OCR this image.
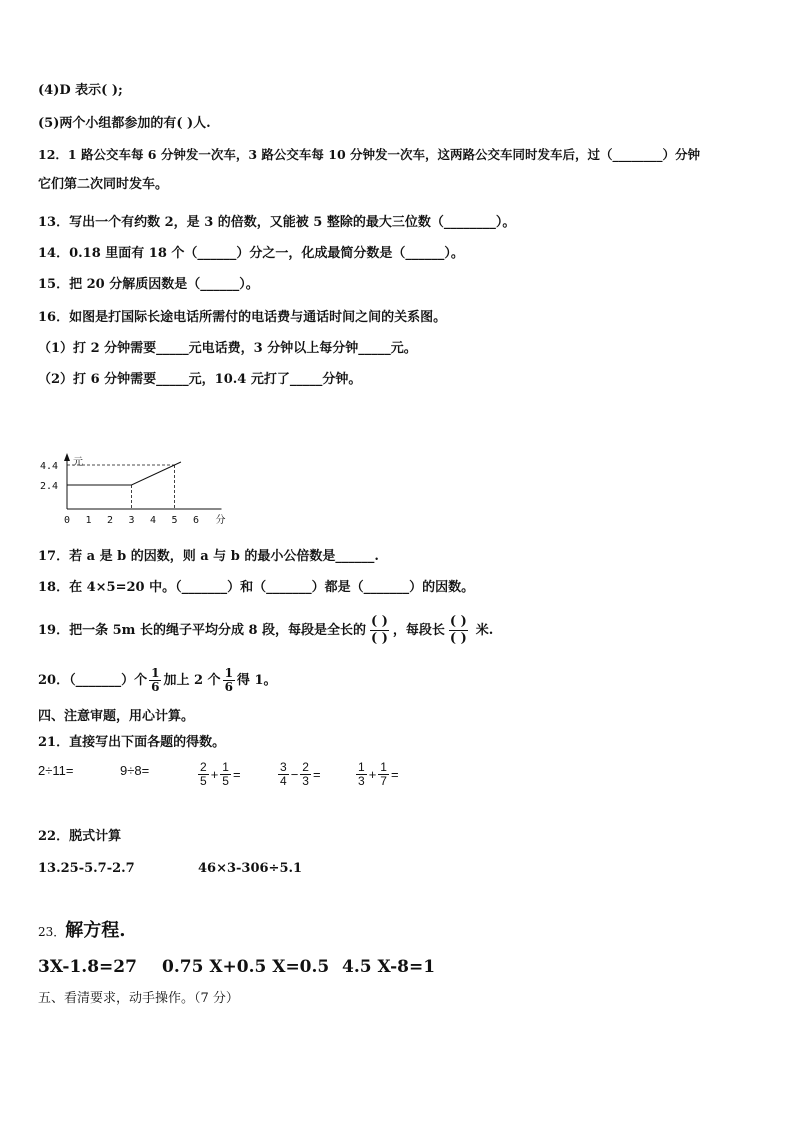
(4)D 表示( );
(5)两个小组都参加的有( )人.
12．1 路公交车每 6 分钟发一次车，3 路公交车每 10 分钟发一次车，这两路公交车同时发车后，过（________）分钟
它们第二次同时发车。
13．写出一个有约数 2，是 3 的倍数，又能被 5 整除的最大三位数（________）。
14．0.18 里面有 18 个（______）分之一，化成最简分数是（______）。
15．把 20 分解质因数是（______）。
16．如图是打国际长途电话所需付的电话费与通话时间之间的关系图。
（1）打 2 分钟需要_____元电话费，3 分钟以上每分钟_____元。
（2）打 6 分钟需要_____元，10.4 元打了_____分钟。
元
0 1 2 3 4 5 6 分
2.4
4.4
17．若 a 是 b 的因数，则 a 与 b 的最小公倍数是______.
18．在 4×5=20 中。（_______）和（_______）都是（_______）的因数。
19．把一条 5m 长的绳子平均分成 8 段，每段是全长的 $\frac{( )}{( )}$ ，每段长 $\frac{( )}{( )}$ 米.
20．（_______）个 $\frac{1}{6}$ 加上 2 个 $\frac{1}{6}$ 得 1。
四、注意审题，用心计算。
21．直接写出下面各题的得数。
2÷11=	9÷8=	$\frac{2}{5} + \frac{1}{5}$ =	$\frac{3}{4} - \frac{2}{3}$ =	$\frac{1}{3} + \frac{1}{7}$ =
22．脱式计算
13.25-5.7-2.7	46×3-306÷5.1
23． 解方程.
3X-1.8=27 0.75 X+0.5 X=0.5 4.5 X-8=1
五、看清要求，动手操作。（7 分）
